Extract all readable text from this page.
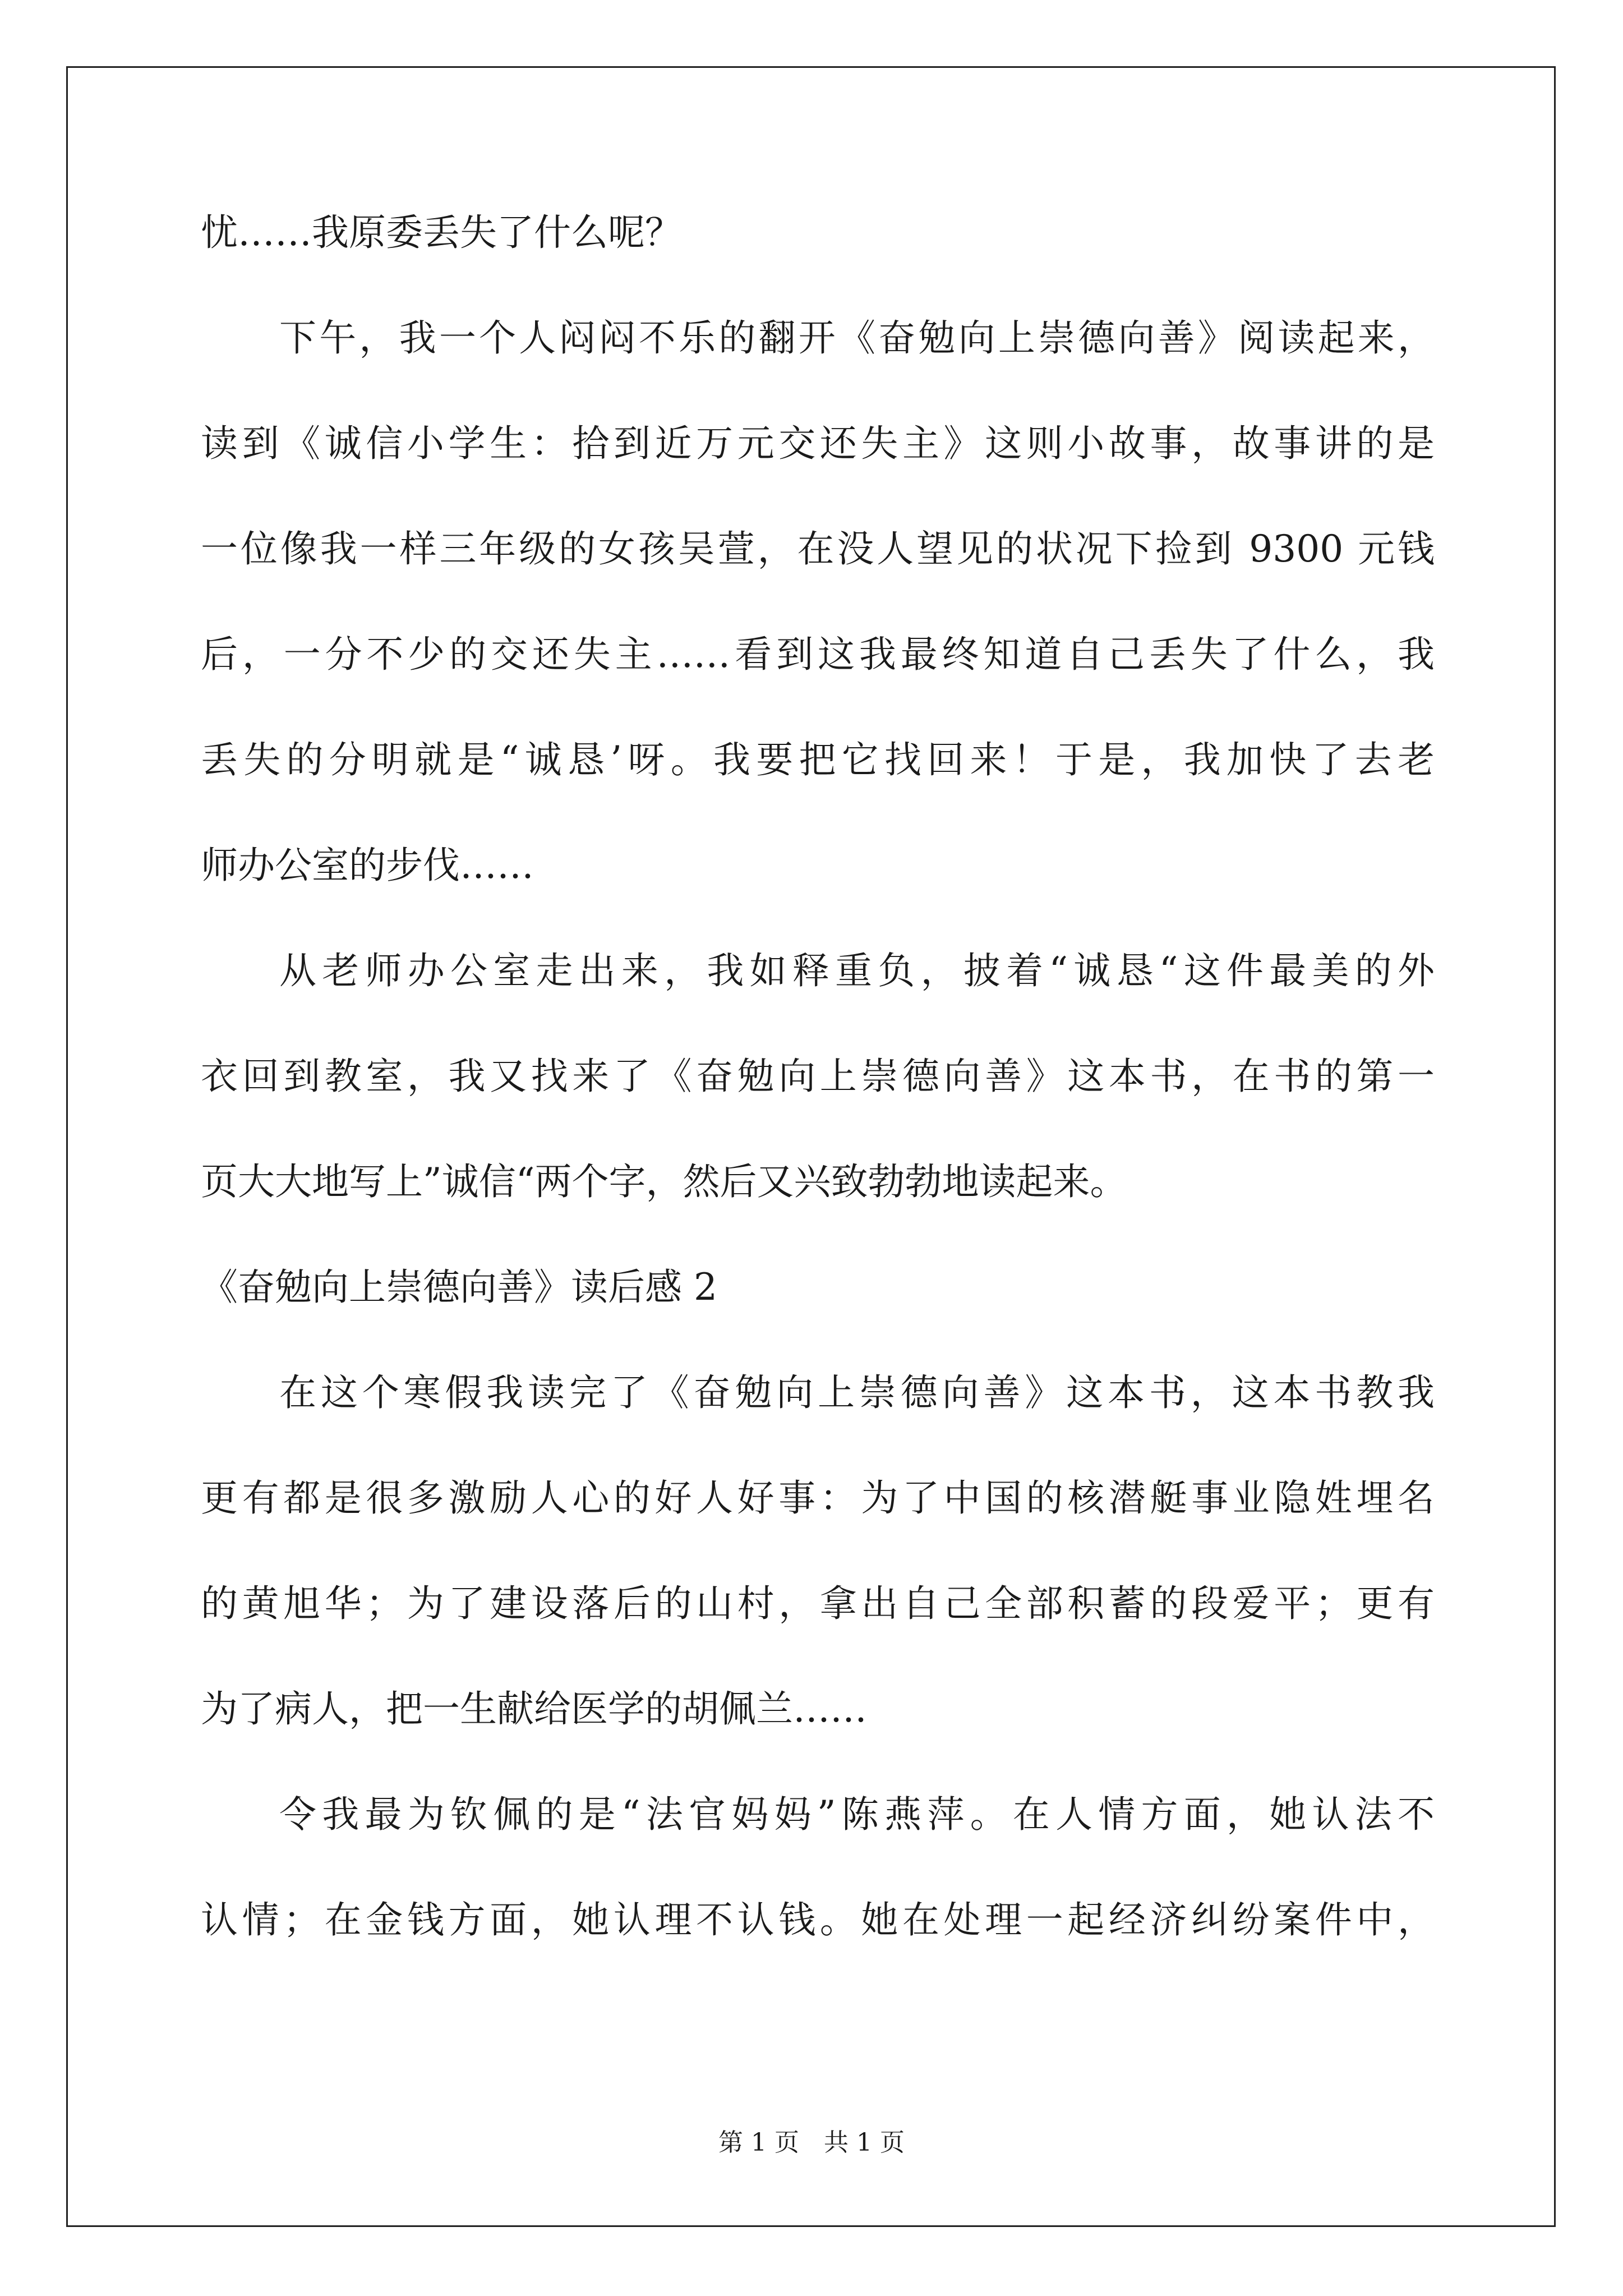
忧……我原委丢失了什么呢？
下午，我一个人闷闷不乐的翻开《奋勉向上崇德向善》阅读起来，
读到《诚信小学生：拾到近万元交还失主》这则小故事，故事讲的是
一位像我一样三年级的女孩吴萱，在没人望见的状况下捡到 9300 元钱
后，一分不少的交还失主……看到这我最终知道自己丢失了什么，我
丢失的分明就是“诚恳’呀。我要把它找回来！于是，我加快了去老
师办公室的步伐……
从老师办公室走出来，我如释重负，披着“诚恳“这件最美的外
衣回到教室，我又找来了《奋勉向上崇德向善》这本书，在书的第一
页大大地写上”诚信“两个字，然后又兴致勃勃地读起来。
《奋勉向上崇德向善》读后感 2
在这个寒假我读完了《奋勉向上崇德向善》这本书，这本书教我
更有都是很多激励人心的好人好事：为了中国的核潜艇事业隐姓埋名
的黄旭华；为了建设落后的山村，拿出自己全部积蓄的段爱平；更有
为了病人，把一生献给医学的胡佩兰……
令我最为钦佩的是“法官妈妈”陈燕萍。在人情方面，她认法不
认情；在金钱方面，她认理不认钱。她在处理一起经济纠纷案件中，
第 1 页　共 1 页
